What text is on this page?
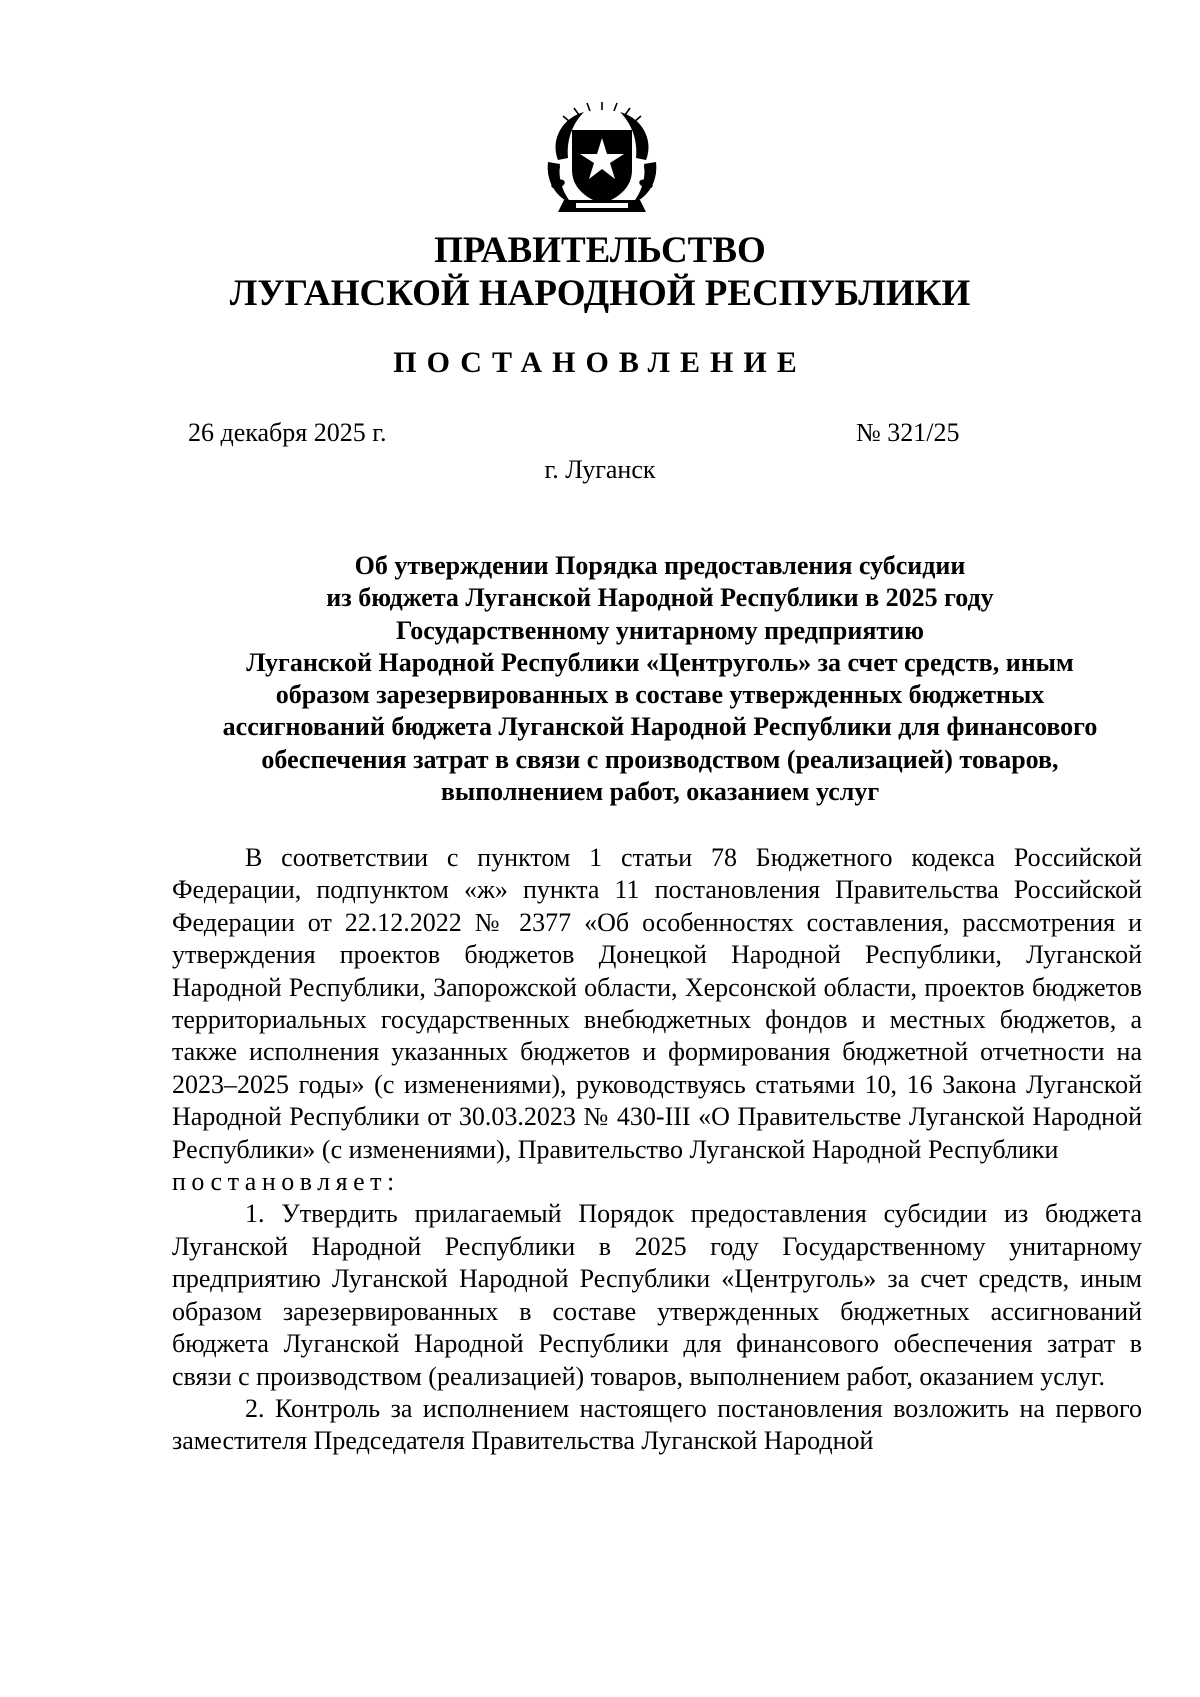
ПРАВИТЕЛЬСТВО
ЛУГАНСКОЙ НАРОДНОЙ РЕСПУБЛИКИ
ПОСТАНОВЛЕНИЕ
26 декабря 2025 г.	№ 321/25
г. Луганск
Об утверждении Порядка предоставления субсидии
из бюджета Луганской Народной Республики в 2025 году
Государственному унитарному предприятию
Луганской Народной Республики «Центруголь» за счет средств, иным
образом зарезервированных в составе утвержденных бюджетных
ассигнований бюджета Луганской Народной Республики для финансового
обеспечения затрат в связи с производством (реализацией) товаров,
выполнением работ, оказанием услуг

В соответствии с пунктом 1 статьи 78 Бюджетного кодекса Российской Федерации, подпунктом «ж» пункта 11 постановления Правительства Российской Федерации от 22.12.2022 № 2377 «Об особенностях составления, рассмотрения и утверждения проектов бюджетов Донецкой Народной Республики, Луганской Народной Республики, Запорожской области, Херсонской области, проектов бюджетов территориальных государственных внебюджетных фондов и местных бюджетов, а также исполнения указанных бюджетов и формирования бюджетной отчетности на 2023–2025 годы» (с изменениями), руководствуясь статьями 10, 16 Закона Луганской Народной Республики от 30.03.2023 № 430-III «О Правительстве Луганской Народной Республики» (с изменениями), Правительство Луганской Народной Республики

постановляет:

1. Утвердить прилагаемый Порядок предоставления субсидии из бюджета Луганской Народной Республики в 2025 году Государственному унитарному предприятию Луганской Народной Республики «Центруголь» за счет средств, иным образом зарезервированных в составе утвержденных бюджетных ассигнований бюджета Луганской Народной Республики для финансового обеспечения затрат в связи с производством (реализацией) товаров, выполнением работ, оказанием услуг.

2. Контроль за исполнением настоящего постановления возложить на первого заместителя Председателя Правительства Луганской Народной
